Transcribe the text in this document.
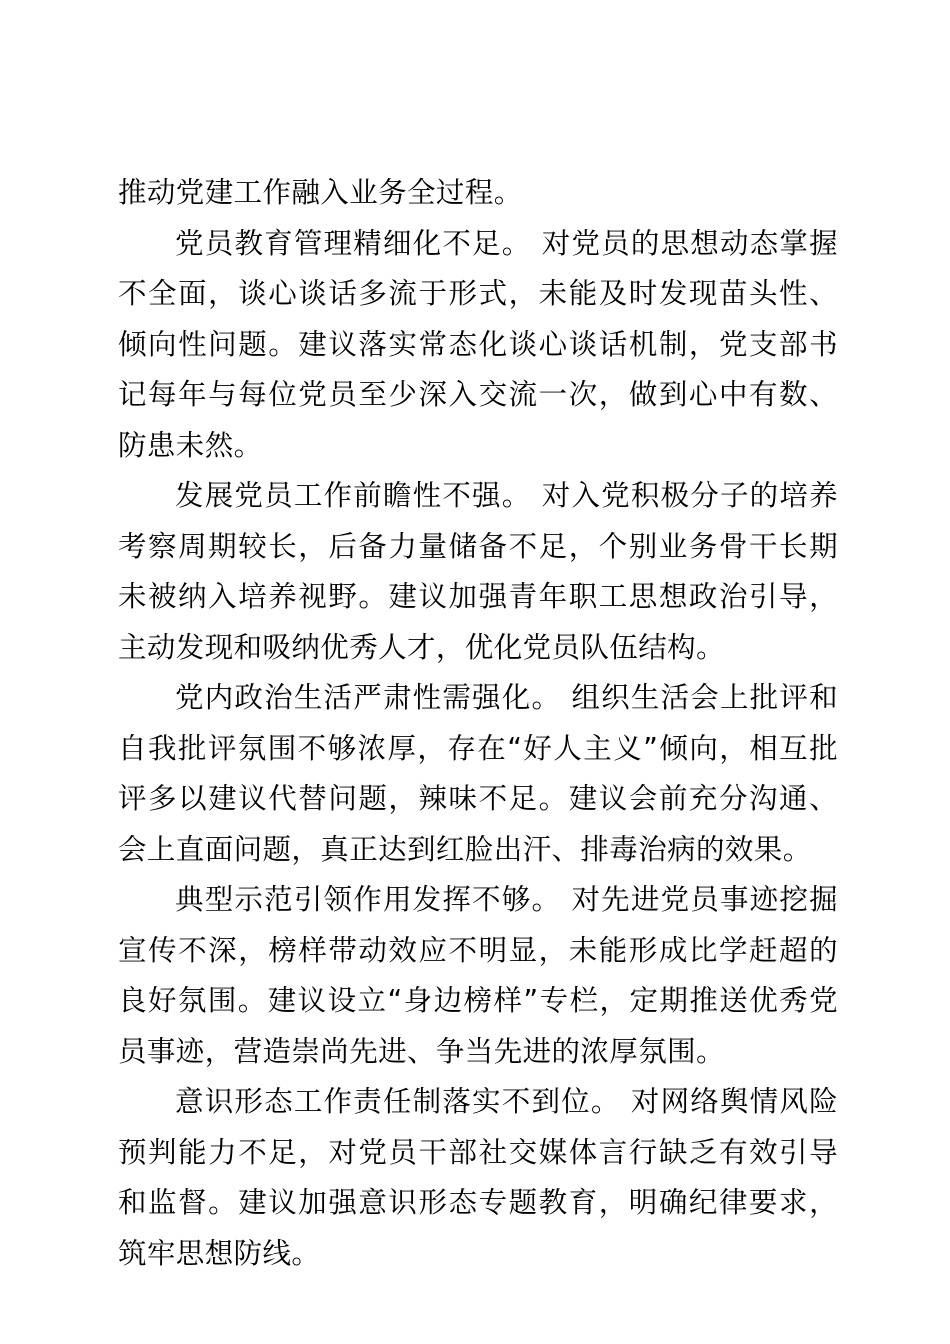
推动党建工作融入业务全过程。

党员教育管理精细化不足。 对党员的思想动态掌握不全面，谈心谈话多流于形式，未能及时发现苗头性、倾向性问题。建议落实常态化谈心谈话机制，党支部书记每年与每位党员至少深入交流一次，做到心中有数、防患未然。

发展党员工作前瞻性不强。 对入党积极分子的培养考察周期较长，后备力量储备不足，个别业务骨干长期未被纳入培养视野。建议加强青年职工思想政治引导，主动发现和吸纳优秀人才，优化党员队伍结构。

党内政治生活严肃性需强化。 组织生活会上批评和自我批评氛围不够浓厚，存在“好人主义”倾向，相互批评多以建议代替问题，辣味不足。建议会前充分沟通、会上直面问题，真正达到红脸出汗、排毒治病的效果。

典型示范引领作用发挥不够。 对先进党员事迹挖掘宣传不深，榜样带动效应不明显，未能形成比学赶超的良好氛围。建议设立“身边榜样”专栏，定期推送优秀党员事迹，营造崇尚先进、争当先进的浓厚氛围。

意识形态工作责任制落实不到位。 对网络舆情风险预判能力不足，对党员干部社交媒体言行缺乏有效引导和监督。建议加强意识形态专题教育，明确纪律要求，筑牢思想防线。
